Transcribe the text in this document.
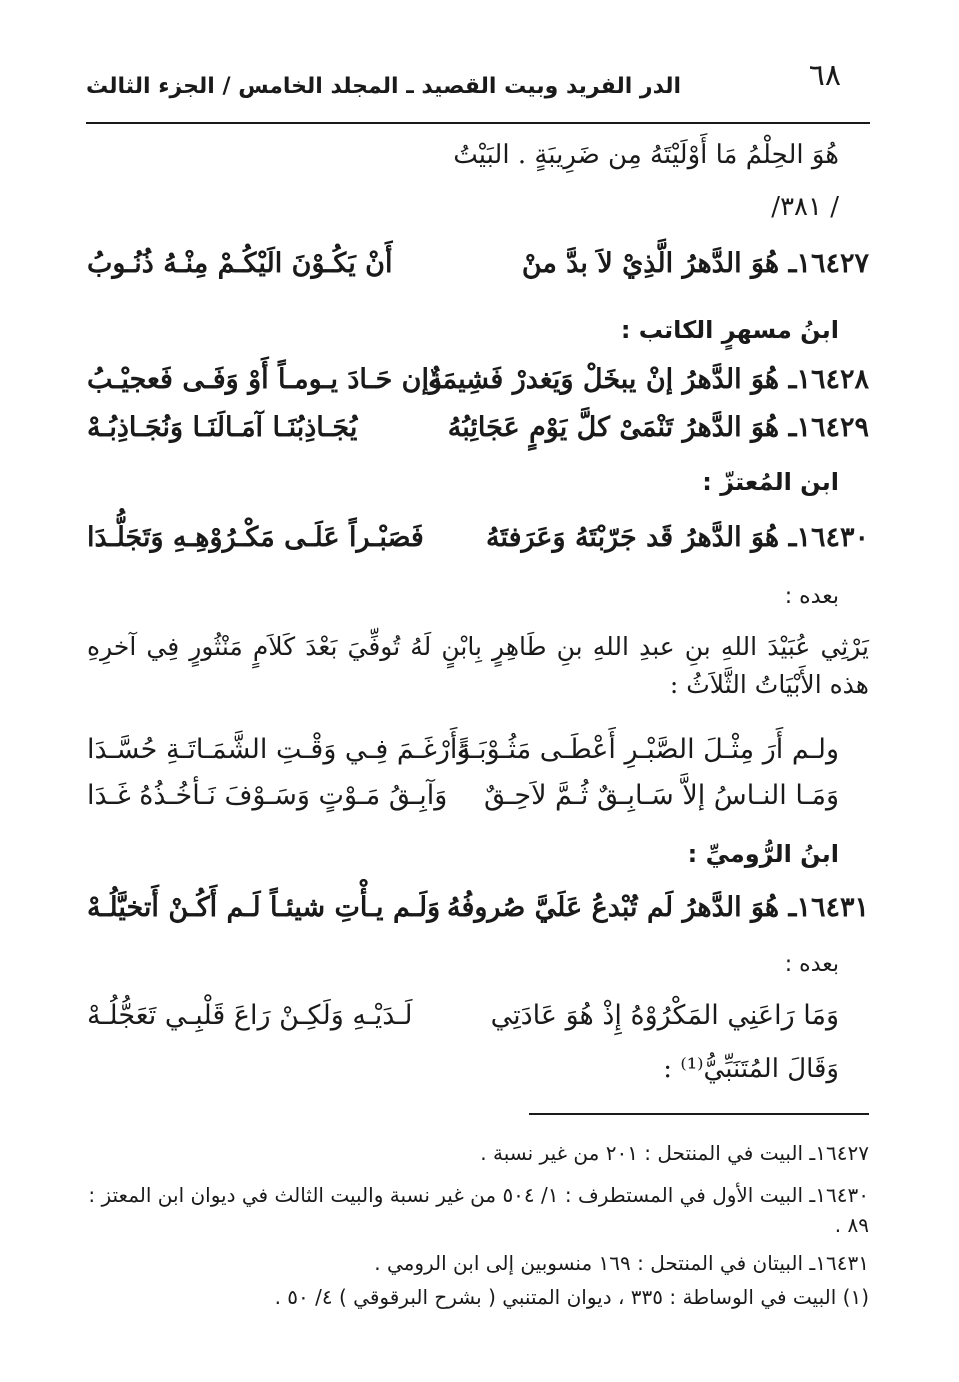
٦٨
الدر الفريد وبيت القصيد ـ المجلد الخامس / الجزء الثالث
هُوَ الحِلْمُ مَا أَوْلَيْتَهُ مِن ضَرِيبَةٍ . البَيْتُ
/ ٣٨١/
١٦٤٢٧ـ هُوَ الدَّهرُ الَّذِيْ لاَ بدَّ منْ
أَنْ يَكُـوْنَ الَيْكُـمْ مِنْـهُ ذُنُـوبُ
ابنُ مسهرٍ الكاتب :
١٦٤٢٨ـ هُوَ الدَّهرُ إنْ يبخَلْ وَيَغدرْ فَشِيمَةٌ
وإن حَـادَ يـومـاً أَوْ وَفَـى فَعجيْـبُ
١٦٤٢٩ـ هُوَ الدَّهرُ تَنْمَىْ كلَّ يَوْمٍ عَجَائِبُهُ
يُجَـاذِبُنَـا آمَـالَنَـا وَنُجَـاذِبُـهْ
ابن المُعتزّ :
١٦٤٣٠ـ هُوَ الدَّهرُ قَد جَرّبْتَهُ وَعَرَفتَهُ
فَصَبْـراً عَلَـى مَكْـرُوْهِـهِ وَتَجَلُّـدَا
بعده :
يَرْثِي عُبَيْدَ اللهِ بنِ عبدِ اللهِ بنِ طَاهِرٍ بِابْنٍ لَهُ تُوفِّيَ بَعْدَ كَلاَمٍ مَنْثُورٍ فِي آخرِهِ هذه الأَبْيَاتُ الثَّلاَثُ :
ولـم أَرَ مِثْـلَ الصَّبْـرِ أَعْطَـى مَثُـوْبَـةً
وَأَرْغَـمَ فِـي وَقْـتِ الشَّمَـاتَـةِ حُسَّـدَا
وَمَـا النـاسُ إلاَّ سَـابِـقٌ ثُـمَّ لاَحِـقٌ
وَآبِـقُ مَـوْتٍ وَسَـوْفَ نَـأخُـذُهُ غَـدَا
ابنُ الرُّوميِّ :
١٦٤٣١ـ هُوَ الدَّهرُ لَم تُبْدعُ عَلَيَّ صُروفُهُ
وَلَـم يـأْتِ شيئـاً لَـم أَكُـنْ أَتخيَّلُـهْ
بعده :
وَمَا رَاعَنِي المَكْرُوْهُ إِذْ هُوَ عَادَتِي
لَـدَيْـهِ وَلَكِـنْ رَاعَ قَلْبِـي تَعَجُّلُـهْ
وَقَالَ المُتَنَبِّيُّ⁽¹⁾ :
١٦٤٢٧ـ البيت في المنتحل : ٢٠١ من غير نسبة .
١٦٤٣٠ـ البيت الأول في المستطرف : ١/ ٥٠٤ من غير نسبة والبيت الثالث في ديوان ابن المعتز : ٨٩ .
١٦٤٣١ـ البيتان في المنتحل : ١٦٩ منسوبين إلى ابن الرومي .
(١) البيت في الوساطة : ٣٣٥ ، ديوان المتنبي ( بشرح البرقوقي ) ٤/ ٥٠ .
